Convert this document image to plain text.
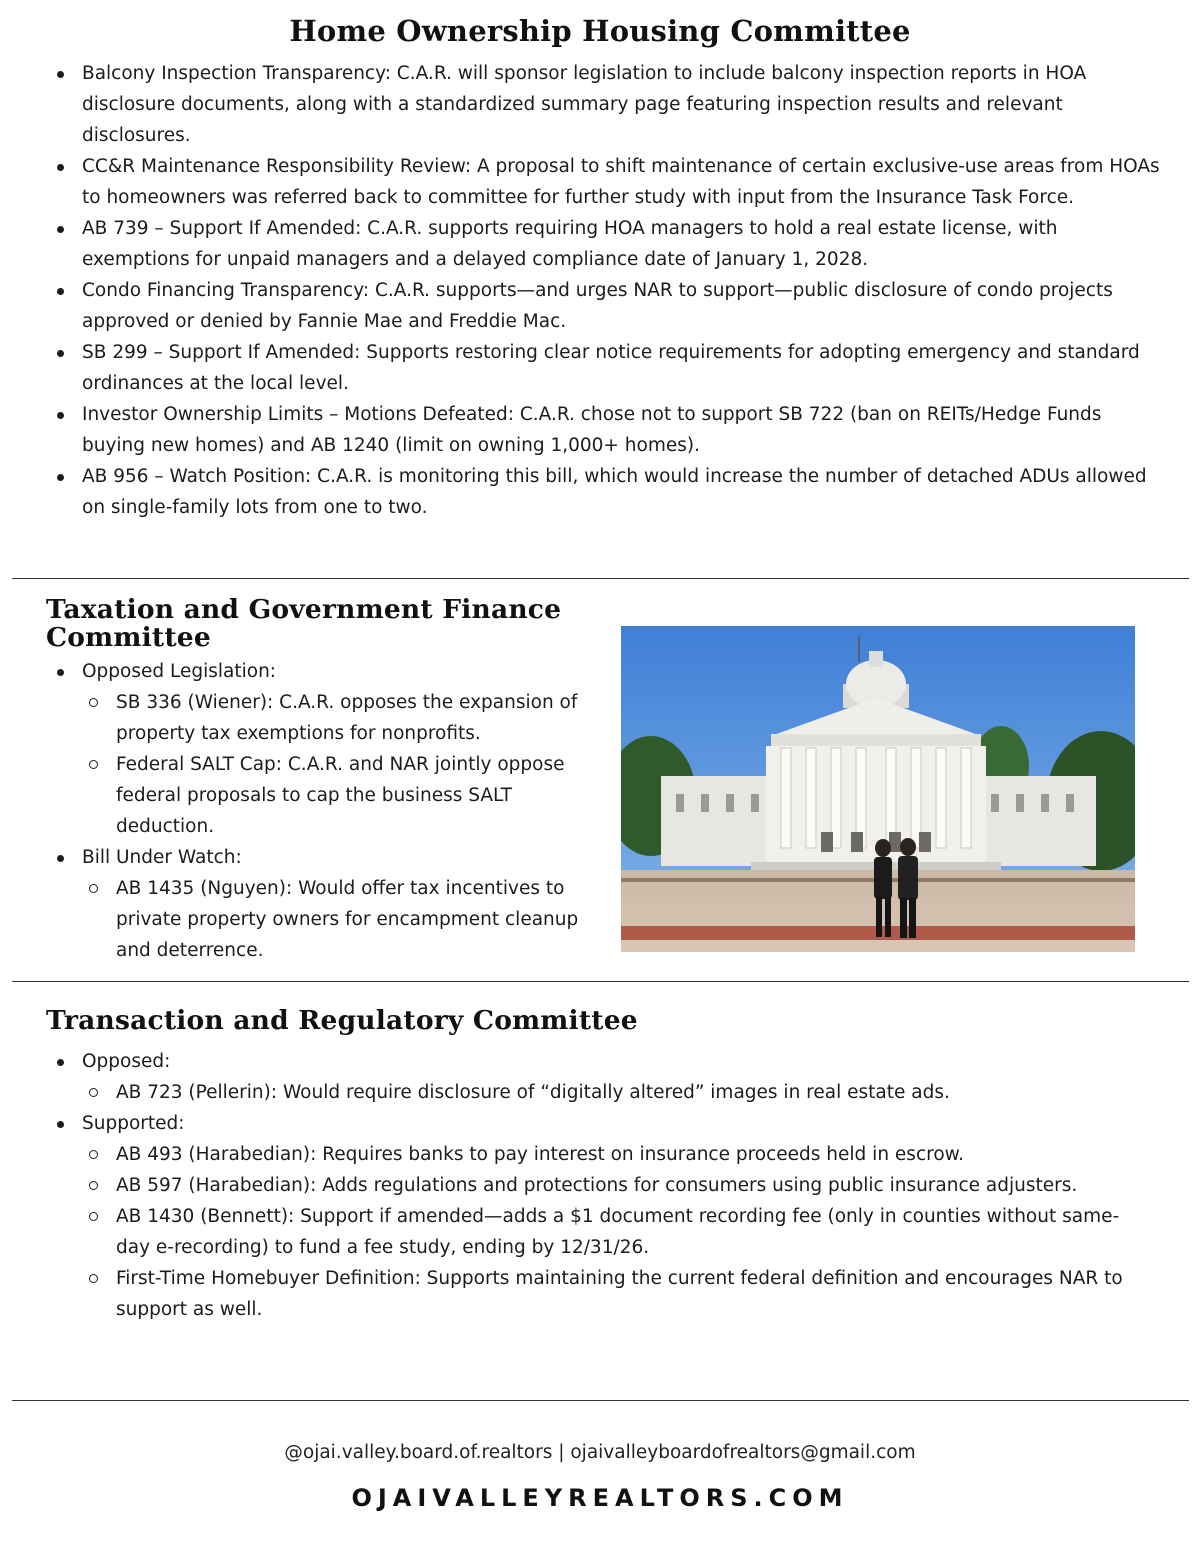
Home Ownership Housing Committee
Balcony Inspection Transparency: C.A.R. will sponsor legislation to include balcony inspection reports in HOA disclosure documents, along with a standardized summary page featuring inspection results and relevant disclosures.
CC&R Maintenance Responsibility Review: A proposal to shift maintenance of certain exclusive-use areas from HOAs to homeowners was referred back to committee for further study with input from the Insurance Task Force.
AB 739 – Support If Amended: C.A.R. supports requiring HOA managers to hold a real estate license, with exemptions for unpaid managers and a delayed compliance date of January 1, 2028.
Condo Financing Transparency: C.A.R. supports—and urges NAR to support—public disclosure of condo projects approved or denied by Fannie Mae and Freddie Mac.
SB 299 – Support If Amended: Supports restoring clear notice requirements for adopting emergency and standard ordinances at the local level.
Investor Ownership Limits – Motions Defeated: C.A.R. chose not to support SB 722 (ban on REITs/Hedge Funds buying new homes) and AB 1240 (limit on owning 1,000+ homes).
AB 956 – Watch Position: C.A.R. is monitoring this bill, which would increase the number of detached ADUs allowed on single-family lots from one to two.
Taxation and Government Finance
Committee
Opposed Legislation:
SB 336 (Wiener): C.A.R. opposes the expansion of property tax exemptions for nonprofits.
Federal SALT Cap: C.A.R. and NAR jointly oppose federal proposals to cap the business SALT deduction.
Bill Under Watch:
AB 1435 (Nguyen): Would offer tax incentives to private property owners for encampment cleanup and deterrence.
Transaction and Regulatory Committee
Opposed:
AB 723 (Pellerin): Would require disclosure of “digitally altered” images in real estate ads.
Supported:
AB 493 (Harabedian): Requires banks to pay interest on insurance proceeds held in escrow.
AB 597 (Harabedian): Adds regulations and protections for consumers using public insurance adjusters.
AB 1430 (Bennett): Support if amended—adds a $1 document recording fee (only in counties without same-day e-recording) to fund a fee study, ending by 12/31/26.
First-Time Homebuyer Definition: Supports maintaining the current federal definition and encourages NAR to support as well.
@ojai.valley.board.of.realtors | ojaivalleyboardofrealtors@gmail.com
OJAIVALLEYREALTORS.COM
